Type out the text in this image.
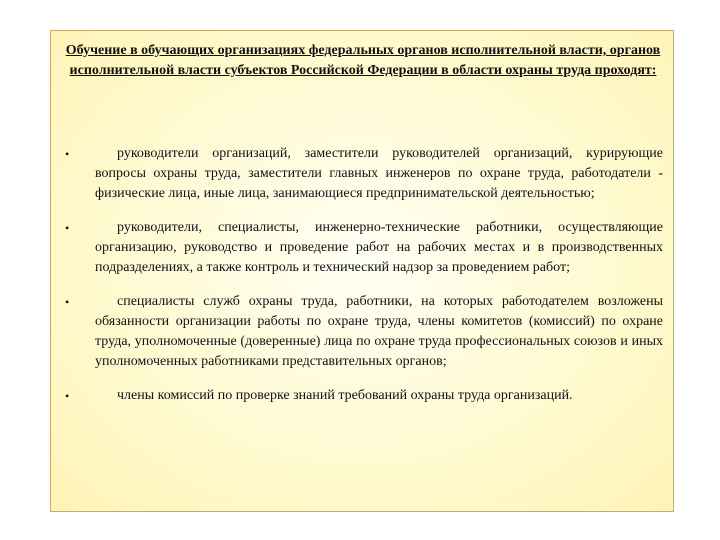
Обучение в обучающих организациях федеральных органов исполнительной власти, органов исполнительной власти субъектов Российской Федерации в области охраны труда проходят:
•	руководители организаций, заместители руководителей организаций, курирующие вопросы охраны труда, заместители главных инженеров по охране труда, работодатели - физические лица, иные лица, занимающиеся предпринимательской деятельностью;
•	руководители, специалисты, инженерно-технические работники, осуществляющие организацию, руководство и проведение работ на рабочих местах и в производственных подразделениях, а также контроль и технический надзор за проведением работ;
•	специалисты служб охраны труда, работники, на которых работодателем возложены обязанности организации работы по охране труда, члены комитетов (комиссий) по охране труда, уполномоченные (доверенные) лица по охране труда профессиональных союзов и иных уполномоченных работниками представительных органов;
•	члены комиссий по проверке знаний требований охраны труда организаций.
